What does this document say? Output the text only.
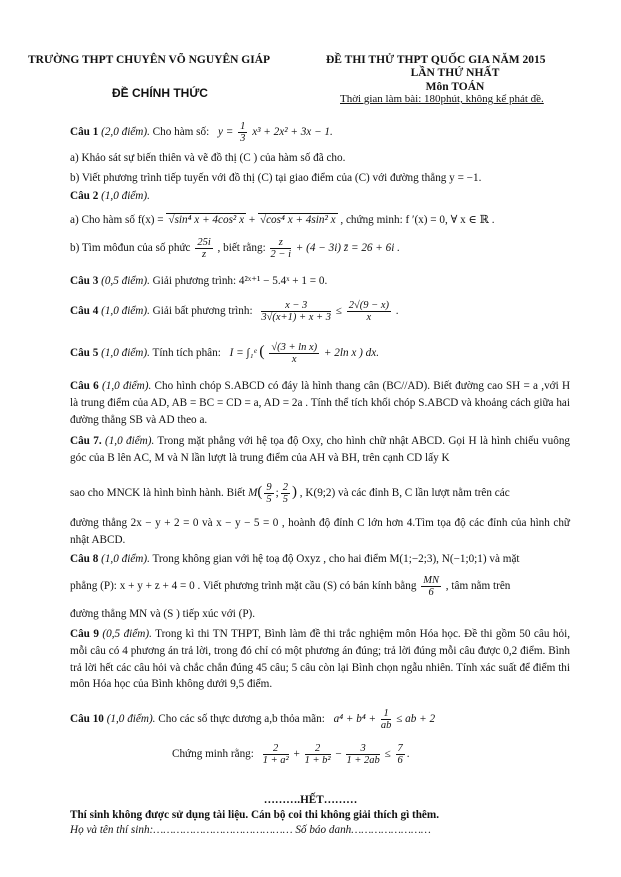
TRƯỜNG THPT CHUYÊN VÕ NGUYÊN GIÁP	ĐỀ THI THỬ THPT QUỐC GIA NĂM 2015
LẦN THỨ NHẤT
Môn TOÁN
ĐỀ CHÍNH THỨC	Thời gian làm bài: 180phút, không kể phát đề.
Câu 1 (2,0 điểm). Cho hàm số: $y = \frac{1}{3} x^3 + 2x^2 + 3x - 1$.
a) Khảo sát sự biến thiên và vẽ đồ thị (C ) của hàm số đã cho.
b) Viết phương trình tiếp tuyến với đồ thị (C) tại giao điểm của (C) với đường thẳng y = −1.
Câu 2 (1,0 điểm).
a) Cho hàm số f(x) = √sin⁴ x + 4cos² x + √cos⁴ x + 4sin² x , chứng minh: f ′(x) = 0, ∀ x ∈ ℝ .
b) Tìm môđun của số phức $\frac{25i}{z}$ , biết rằng: $\frac{z}{2 - i} + (4 - 3i)$ z̄ = 26 + 6i .
Câu 3 (0,5 điểm). Giải phương trình: 4²ˣ⁺¹ − 5.4ˣ + 1 = 0.
Câu 4 (1,0 điểm). Giải bất phương trình: $\frac{x - 3}{3√(x+1) + x + 3} \le \frac{2√(9 - x)}{x}$ .
Câu 5 (1,0 điểm). Tính tích phân: I = ∫₁ᵉ ( $\frac{\text{√(3 + ln x)}}{x} + 2\ln$ x ) dx.
Câu 6 (1,0 điểm). Cho hình chóp S.ABCD có đáy là hình thang cân (BC//AD). Biết đường cao SH = a ,với H là trung điểm của AD, AB = BC = CD = a, AD = 2a . Tính thể tích khối chóp S.ABCD và khoảng cách giữa hai đường thẳng SB và AD theo a.
Câu 7. (1,0 điểm). Trong mặt phẳng với hệ tọa độ Oxy, cho hình chữ nhật ABCD. Gọi H là hình chiếu vuông góc của B lên AC, M và N lần lượt là trung điểm của AH và BH, trên cạnh CD lấy K
sao cho MNCK là hình bình hành. Biết $M( \frac{9}{5}$ ; $\frac{2}{5}$ ) , K(9;2) và các đỉnh B, C lần lượt nằm trên các
đường thẳng 2x − y + 2 = 0 và x − y − 5 = 0 , hoành độ đỉnh C lớn hơn 4.Tìm tọa độ các đỉnh của hình chữ nhật ABCD.
Câu 8 (1,0 điểm). Trong không gian với hệ toạ độ Oxyz , cho hai điểm M(1;−2;3), N(−1;0;1) và mặt
phẳng (P): x + y + z + 4 = 0 . Viết phương trình mặt cầu (S) có bán kính bằng $\frac{MN}{6}$ , tâm nằm trên
đường thẳng MN và (S ) tiếp xúc với (P).
Câu 9 (0,5 điểm). Trong kì thi TN THPT, Bình làm đề thi trắc nghiệm môn Hóa học. Đề thi gồm 50 câu hỏi, mỗi câu có 4 phương án trả lời, trong đó chỉ có một phương án đúng; trả lời đúng mỗi câu được 0,2 điểm. Bình trả lời hết các câu hỏi và chắc chắn đúng 45 câu; 5 câu còn lại Bình chọn ngẫu nhiên. Tính xác suất để điểm thi môn Hóa học của Bình không dưới 9,5 điểm.
Câu 10 (1,0 điểm). Cho các số thực dương a,b thỏa mãn: $a^4 + b^4 + \frac{1}{ab}$ ≤ ab + 2
Chứng minh rằng: $\frac{2}{\text{1 + a²}} + \frac{2}{\text{1 + b²}} - \frac{3}{1 + 2ab} \le \frac{7}{6}$ .
……….HẾT………
Thí sinh không được sử dụng tài liệu. Cán bộ coi thi không giải thích gì thêm.
Họ và tên thí sinh:…………………………………… Số báo danh……………………
